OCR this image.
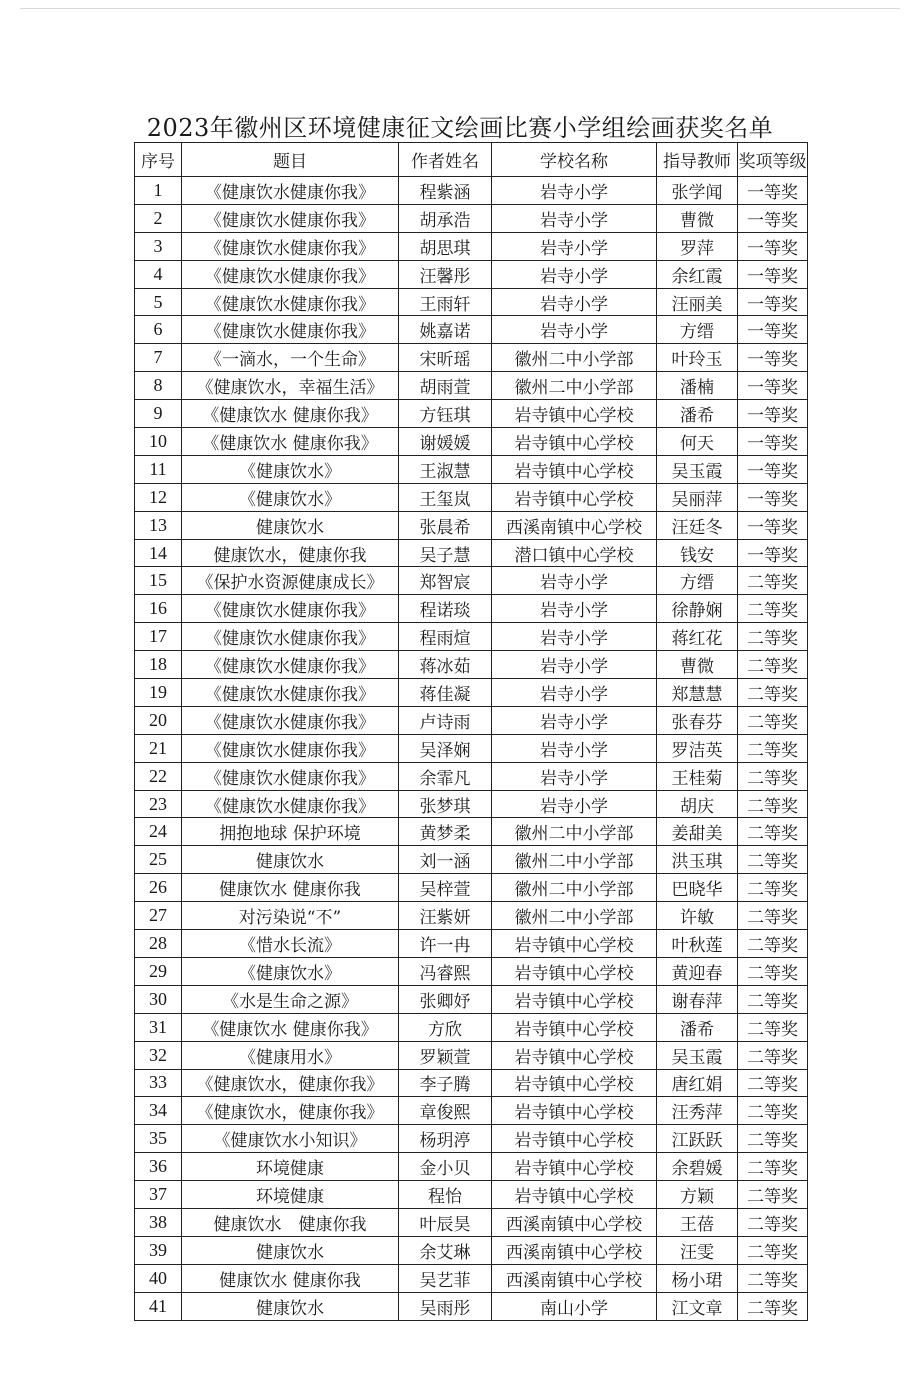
2023年徽州区环境健康征文绘画比赛小学组绘画获奖名单
序号	题目	作者姓名	学校名称	指导教师	奖项等级
1	《健康饮水健康你我》	程紫涵	岩寺小学	张学闻	一等奖
2	《健康饮水健康你我》	胡承浩	岩寺小学	曹微	一等奖
3	《健康饮水健康你我》	胡思琪	岩寺小学	罗萍	一等奖
4	《健康饮水健康你我》	汪馨彤	岩寺小学	余红霞	一等奖
5	《健康饮水健康你我》	王雨轩	岩寺小学	汪丽美	一等奖
6	《健康饮水健康你我》	姚嘉诺	岩寺小学	方缙	一等奖
7	《一滴水，一个生命》	宋昕瑶	徽州二中小学部	叶玲玉	一等奖
8	《健康饮水，幸福生活》	胡雨萱	徽州二中小学部	潘楠	一等奖
9	《健康饮水 健康你我》	方钰琪	岩寺镇中心学校	潘希	一等奖
10	《健康饮水 健康你我》	谢媛媛	岩寺镇中心学校	何天	一等奖
11	《健康饮水》	王淑慧	岩寺镇中心学校	吴玉霞	一等奖
12	《健康饮水》	王玺岚	岩寺镇中心学校	吴丽萍	一等奖
13	健康饮水	张晨希	西溪南镇中心学校	汪廷冬	一等奖
14	健康饮水，健康你我	吴子慧	潜口镇中心学校	钱安	一等奖
15	《保护水资源健康成长》	郑智宸	岩寺小学	方缙	二等奖
16	《健康饮水健康你我》	程诺琰	岩寺小学	徐静娴	二等奖
17	《健康饮水健康你我》	程雨煊	岩寺小学	蒋红花	二等奖
18	《健康饮水健康你我》	蒋冰茹	岩寺小学	曹微	二等奖
19	《健康饮水健康你我》	蒋佳凝	岩寺小学	郑慧慧	二等奖
20	《健康饮水健康你我》	卢诗雨	岩寺小学	张春芬	二等奖
21	《健康饮水健康你我》	吴泽娴	岩寺小学	罗洁英	二等奖
22	《健康饮水健康你我》	余霏凡	岩寺小学	王桂菊	二等奖
23	《健康饮水健康你我》	张梦琪	岩寺小学	胡庆	二等奖
24	拥抱地球 保护环境	黄梦柔	徽州二中小学部	姜甜美	二等奖
25	健康饮水	刘一涵	徽州二中小学部	洪玉琪	二等奖
26	健康饮水 健康你我	吴梓萱	徽州二中小学部	巴晓华	二等奖
27	对污染说“不”	汪紫妍	徽州二中小学部	许敏	二等奖
28	《惜水长流》	许一冉	岩寺镇中心学校	叶秋莲	二等奖
29	《健康饮水》	冯睿熙	岩寺镇中心学校	黄迎春	二等奖
30	《水是生命之源》	张卿妤	岩寺镇中心学校	谢春萍	二等奖
31	《健康饮水 健康你我》	方欣	岩寺镇中心学校	潘希	二等奖
32	《健康用水》	罗颖萱	岩寺镇中心学校	吴玉霞	二等奖
33	《健康饮水，健康你我》	李子腾	岩寺镇中心学校	唐红娟	二等奖
34	《健康饮水，健康你我》	章俊熙	岩寺镇中心学校	汪秀萍	二等奖
35	《健康饮水小知识》	杨玥渟	岩寺镇中心学校	江跃跃	二等奖
36	环境健康	金小贝	岩寺镇中心学校	余碧媛	二等奖
37	环境健康	程怡	岩寺镇中心学校	方颖	二等奖
38	健康饮水　健康你我	叶辰昊	西溪南镇中心学校	王蓓	二等奖
39	健康饮水	余艾琳	西溪南镇中心学校	汪雯	二等奖
40	健康饮水 健康你我	吴艺菲	西溪南镇中心学校	杨小珺	二等奖
41	健康饮水	吴雨彤	南山小学	江文章	二等奖
